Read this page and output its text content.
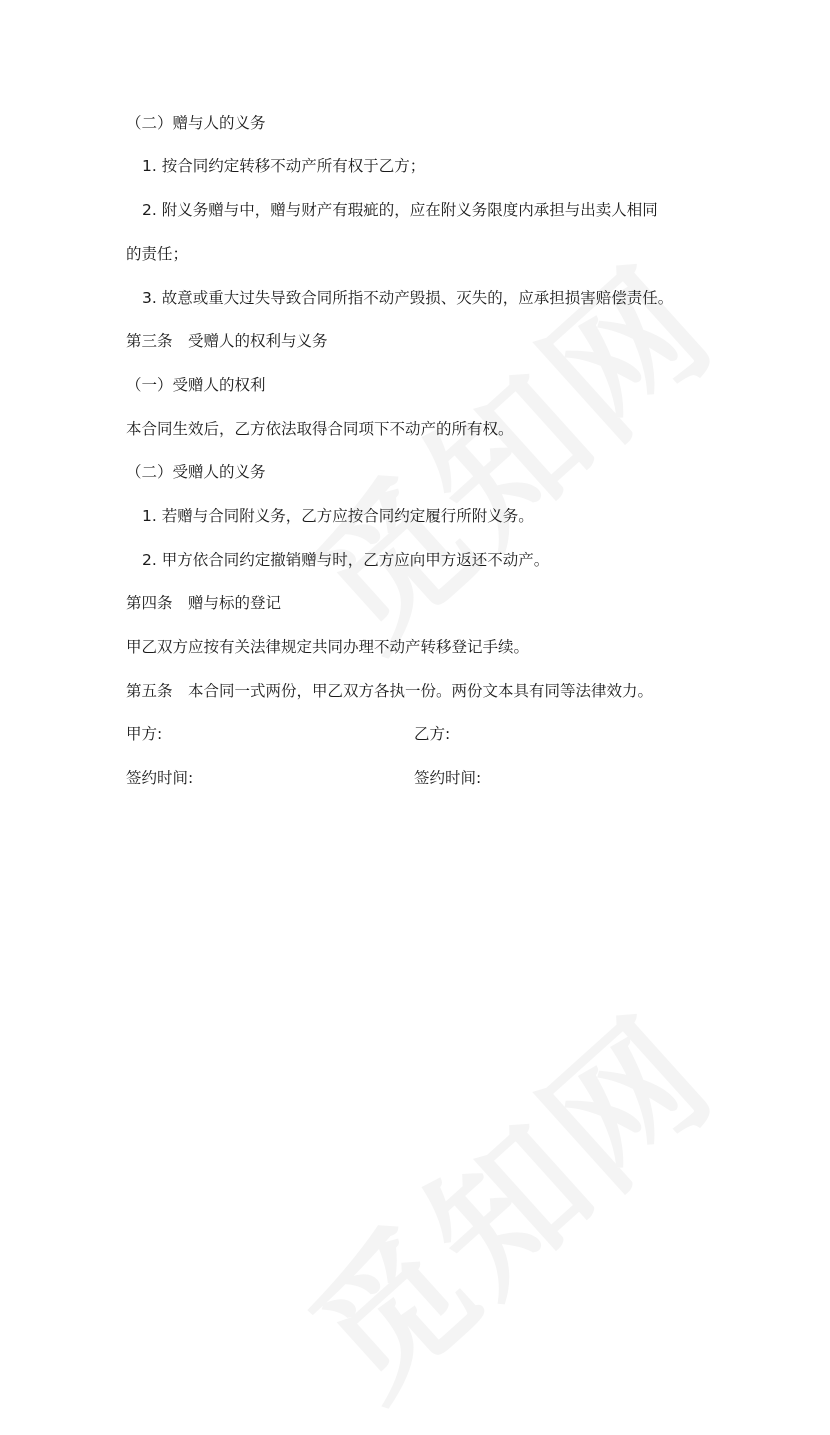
（二）赠与人的义务

1. 按合同约定转移不动产所有权于乙方；

2. 附义务赠与中，赠与财产有瑕疵的，应在附义务限度内承担与出卖人相同

的责任；

3. 故意或重大过失导致合同所指不动产毁损、灭失的，应承担损害赔偿责任。

第三条　受赠人的权利与义务

（一）受赠人的权利

本合同生效后，乙方依法取得合同项下不动产的所有权。

（二）受赠人的义务

1. 若赠与合同附义务，乙方应按合同约定履行所附义务。

2. 甲方依合同约定撤销赠与时，乙方应向甲方返还不动产。

第四条　赠与标的登记

甲乙双方应按有关法律规定共同办理不动产转移登记手续。

第五条　本合同一式两份，甲乙双方各执一份。两份文本具有同等法律效力。

甲方:	乙方:

签约时间:	签约时间:
